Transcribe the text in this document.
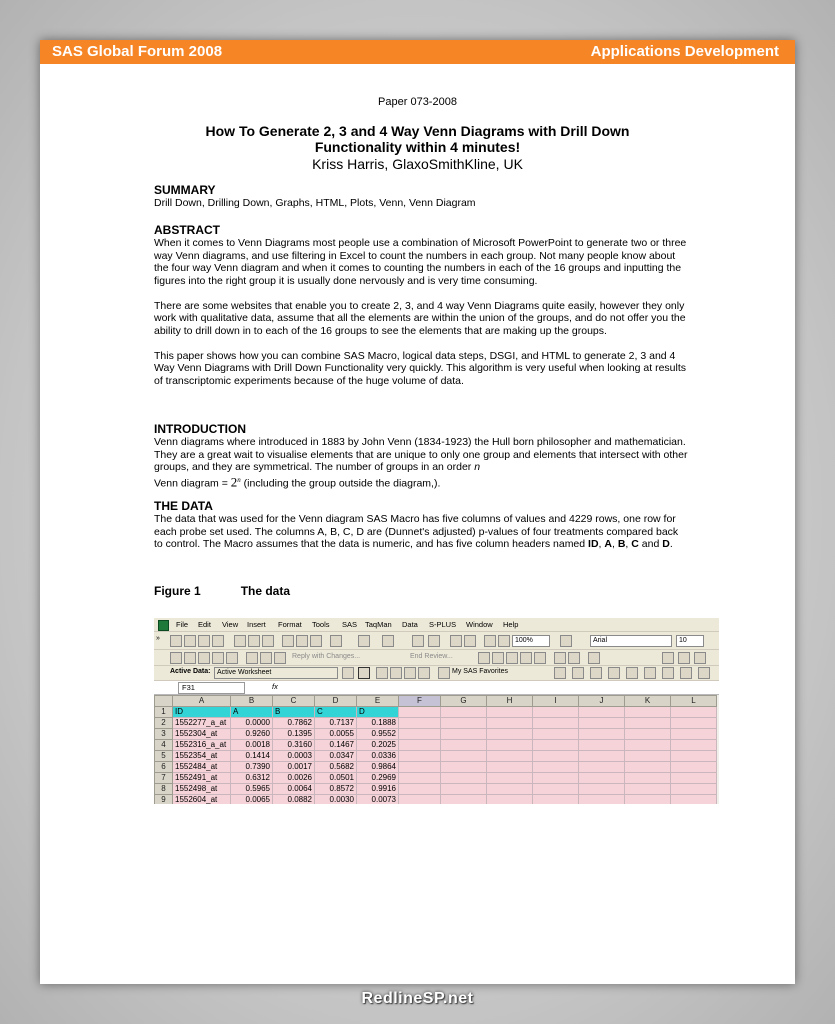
SAS Global Forum 2008	Applications Development
Paper 073-2008
How To Generate 2, 3 and 4 Way Venn Diagrams with Drill Down
Functionality within 4 minutes!
Kriss Harris, GlaxoSmithKline, UK
SUMMARY

Drill Down, Drilling Down, Graphs, HTML, Plots, Venn, Venn Diagram

ABSTRACT

When it comes to Venn Diagrams most people use a combination of Microsoft PowerPoint to generate two or three way Venn diagrams, and use filtering in Excel to count the numbers in each group. Not many people know about the four way Venn diagram and when it comes to counting the numbers in each of the 16 groups and inputting the figures into the right group it is usually done nervously and is very time consuming.

There are some websites that enable you to create 2, 3, and 4 way Venn Diagrams quite easily, however they only work with qualitative data, assume that all the elements are within the union of the groups, and do not offer you the ability to drill down in to each of the 16 groups to see the elements that are making up the groups.

This paper shows how you can combine SAS Macro, logical data steps, DSGI, and HTML to generate 2, 3 and 4 Way Venn Diagrams with Drill Down Functionality very quickly. This algorithm is very useful when looking at results of transcriptomic experiments because of the huge volume of data.

INTRODUCTION

Venn diagrams where introduced in 1883 by John Venn (1834-1923) the Hull born philosopher and mathematician. They are a great wait to visualise elements that are unique to only one group and elements that intersect with other groups, and they are symmetrical. The number of groups in an order n
Venn diagram = $2^n$ (including the group outside the diagram,).

THE DATA

The data that was used for the Venn diagram SAS Macro has five columns of values and 4229 rows, one row for each probe set used. The columns A, B, C, D are (Dunnet's adjusted) p-values of four treatments compared back to control. The Macro assumes that the data is numeric, and has five column headers named ID, A, B, C and D.

Figure 1	The data
File Edit View Insert Format Tools SAS TaqMan Data S-PLUS Window Help
»	100%	Arial	10
Reply with Changes...	End Review...
Active Data: Active Worksheet	My SAS Favorites
F31	fx
	A	B	C	D	E	F	G	H	I	J	K	L
1	ID	A	B	C	D							
2	1552277_a_at	0.0000	0.7862	0.7137	0.1888							
3	1552304_at	0.9260	0.1395	0.0055	0.9552							
4	1552316_a_at	0.0018	0.3160	0.1467	0.2025							
5	1552354_at	0.1414	0.0003	0.0347	0.0336							
6	1552484_at	0.7390	0.0017	0.5682	0.9864							
7	1552491_at	0.6312	0.0026	0.0501	0.2969							
8	1552498_at	0.5965	0.0064	0.8572	0.9916							
9	1552604_at	0.0065	0.0882	0.0030	0.0073							
RedlineSP.net
